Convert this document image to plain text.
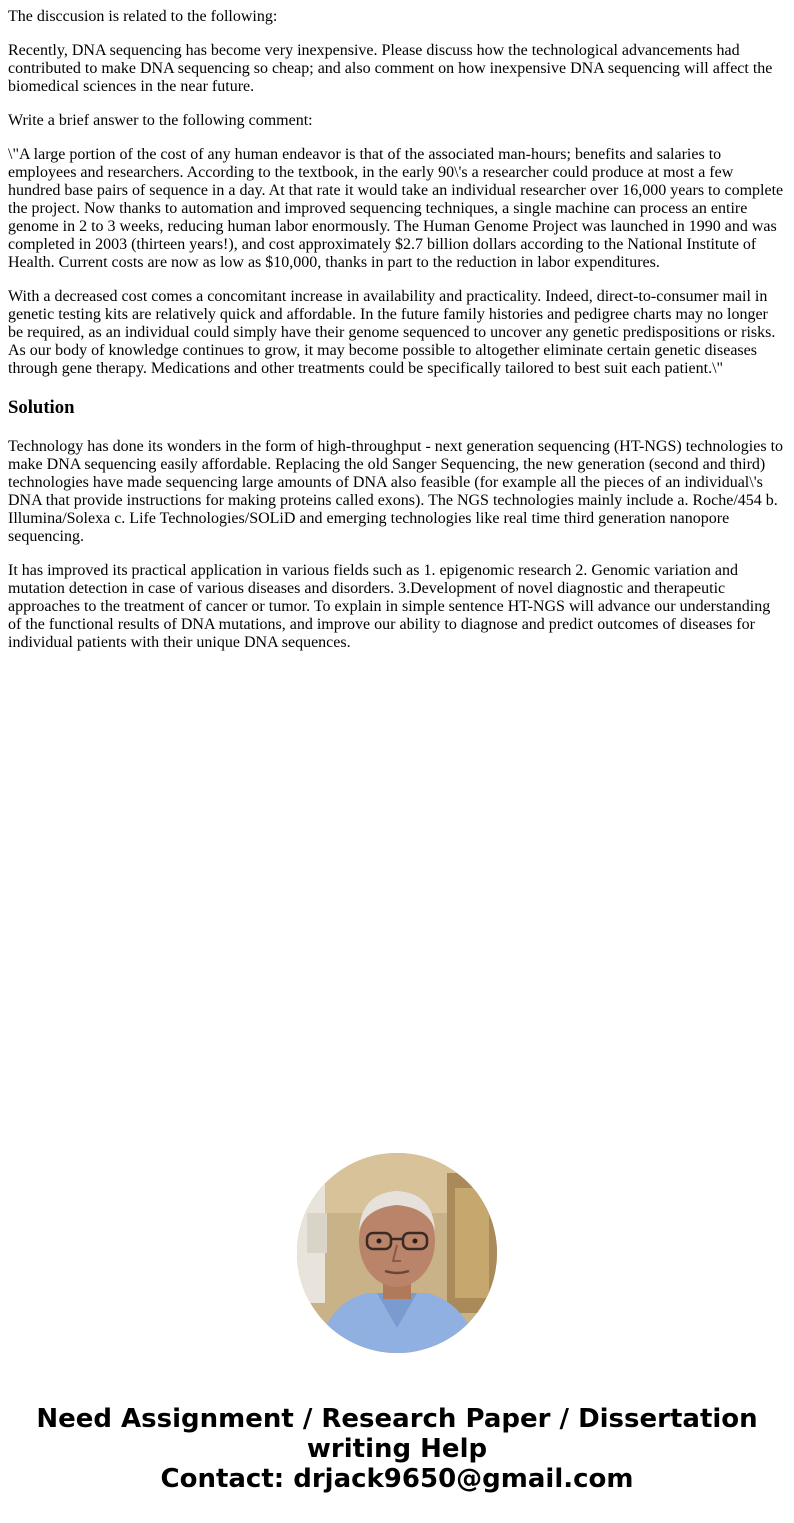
The disccusion is related to the following:

Recently, DNA sequencing has become very inexpensive. Please discuss how the technological advancements had contributed to make DNA sequencing so cheap; and also comment on how inexpensive DNA sequencing will affect the biomedical sciences in the near future.

Write a brief answer to the following comment:

\"A large portion of the cost of any human endeavor is that of the associated man-hours; benefits and salaries to employees and researchers. According to the textbook, in the early 90\'s a researcher could produce at most a few hundred base pairs of sequence in a day. At that rate it would take an individual researcher over 16,000 years to complete the project. Now thanks to automation and improved sequencing techniques, a single machine can process an entire genome in 2 to 3 weeks, reducing human labor enormously. The Human Genome Project was launched in 1990 and was completed in 2003 (thirteen years!), and cost approximately $2.7 billion dollars according to the National Institute of Health. Current costs are now as low as $10,000, thanks in part to the reduction in labor expenditures.

With a decreased cost comes a concomitant increase in availability and practicality. Indeed, direct-to-consumer mail in genetic testing kits are relatively quick and affordable. In the future family histories and pedigree charts may no longer be required, as an individual could simply have their genome sequenced to uncover any genetic predispositions or risks. As our body of knowledge continues to grow, it may become possible to altogether eliminate certain genetic diseases through gene therapy. Medications and other treatments could be specifically tailored to best suit each patient.\"

Solution

Technology has done its wonders in the form of high-throughput - next generation sequencing (HT-NGS) technologies to make DNA sequencing easily affordable. Replacing the old Sanger Sequencing, the new generation (second and third) technologies have made sequencing large amounts of DNA also feasible (for example all the pieces of an individual\'s DNA that provide instructions for making proteins called exons). The NGS technologies mainly include a. Roche/454 b. Illumina/Solexa c. Life Technologies/SOLiD and emerging technologies like real time third generation nanopore sequencing.

It has improved its practical application in various fields such as 1. epigenomic research 2. Genomic variation and mutation detection in case of various diseases and disorders. 3.Development of novel diagnostic and therapeutic approaches to the treatment of cancer or tumor. To explain in simple sentence HT-NGS will advance our understanding of the functional results of DNA mutations, and improve our ability to diagnose and predict outcomes of diseases for individual patients with their unique DNA sequences.

Need Assignment / Research Paper / Dissertation
writing Help
Contact: drjack9650@gmail.com
